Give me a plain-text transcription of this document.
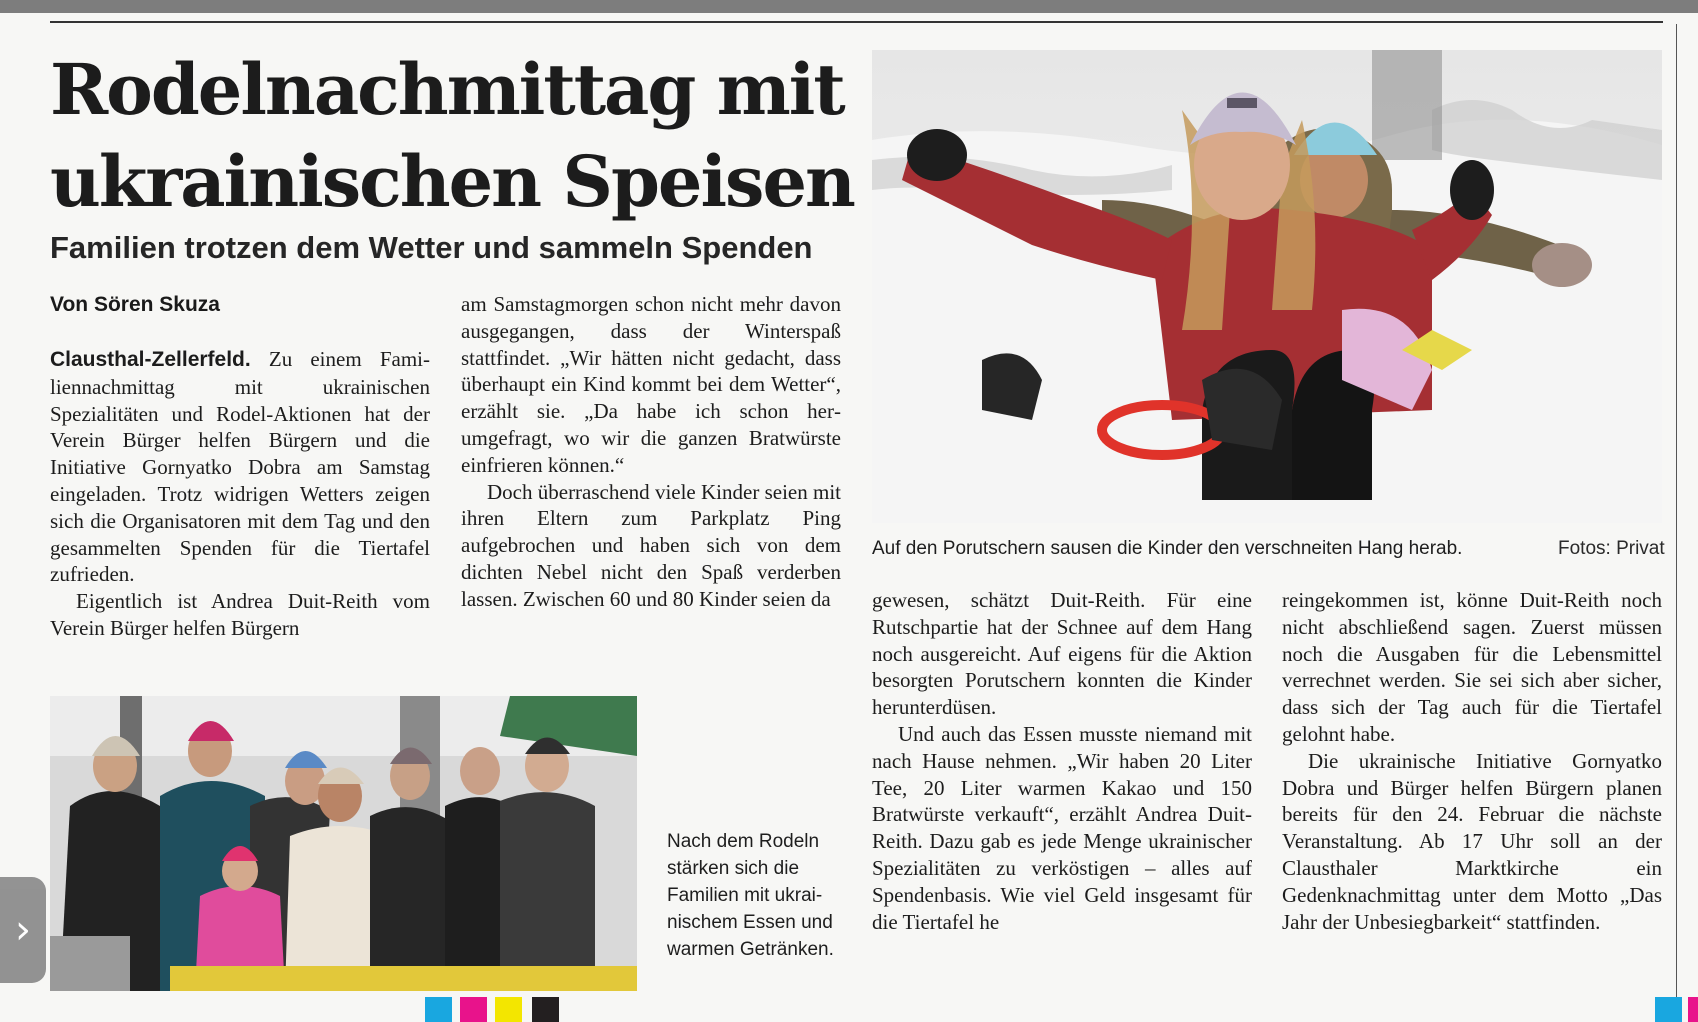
Rodelnachmittag mit ukrainischen Speisen
Familien trotzen dem Wetter und sammeln Spenden

Von Sören Skuza

Clausthal-Zellerfeld. Zu einem Familiennachmittag mit ukrainischen Spezialitäten und Rodel-Aktionen hat der Verein Bürger helfen Bürgern und die Initiative Gornyatko Dobra am Samstag eingeladen. Trotz widrigen Wetters zeigen sich die Organisatoren mit dem Tag und den gesammelten Spenden für die Tiertafel zufrieden.

Eigentlich ist Andrea Duit-Reith vom Verein Bürger helfen Bürgern

am Samstagmorgen schon nicht mehr davon ausgegangen, dass der Winterspaß stattfindet. „Wir hätten nicht gedacht, dass überhaupt ein Kind kommt bei dem Wetter“, erzählt sie. „Da habe ich schon herumgefragt, wo wir die ganzen Bratwürste einfrieren können.“

Doch überraschend viele Kinder seien mit ihren Eltern zum Parkplatz Ping aufgebrochen und haben sich von dem dichten Nebel nicht den Spaß verderben lassen. Zwischen 60 und 80 Kinder seien da	gewesen, schätzt Duit-Reith. Für eine Rutschpartie hat der Schnee auf dem Hang noch ausgereicht. Auf eigens für die Aktion besorgten Porutschern konnten die Kinder herunterdüsen.

Und auch das Essen musste niemand mit nach Hause nehmen. „Wir haben 20 Liter Tee, 20 Liter warmen Kakao und 150 Bratwürste verkauft“, erzählt Andrea Duit-Reith. Dazu gab es jede Menge ukrainischer Spezialitäten zu verköstigen – alles auf Spendenbasis. Wie viel Geld insgesamt für die Tiertafel he

reingekommen ist, könne Duit-Reith noch nicht abschließend sagen. Zuerst müssen noch die Ausgaben für die Lebensmittel verrechnet werden. Sie sei sich aber sicher, dass sich der Tag auch für die Tiertafel gelohnt habe.

Die ukrainische Initiative Gornyatko Dobra und Bürger helfen Bürgern planen bereits für den 24. Februar die nächste Veranstaltung. Ab 17 Uhr soll an der Clausthaler Marktkirche ein Gedenknachmittag unter dem Motto „Das Jahr der Unbesiegbarkeit“ stattfinden.

Auf den Porutschern sausen die Kinder den verschneiten Hang herab.	Fotos: Privat
Nach dem Rodeln stärken sich die Familien mit ukrainischem Essen und warmen Getränken.
›
